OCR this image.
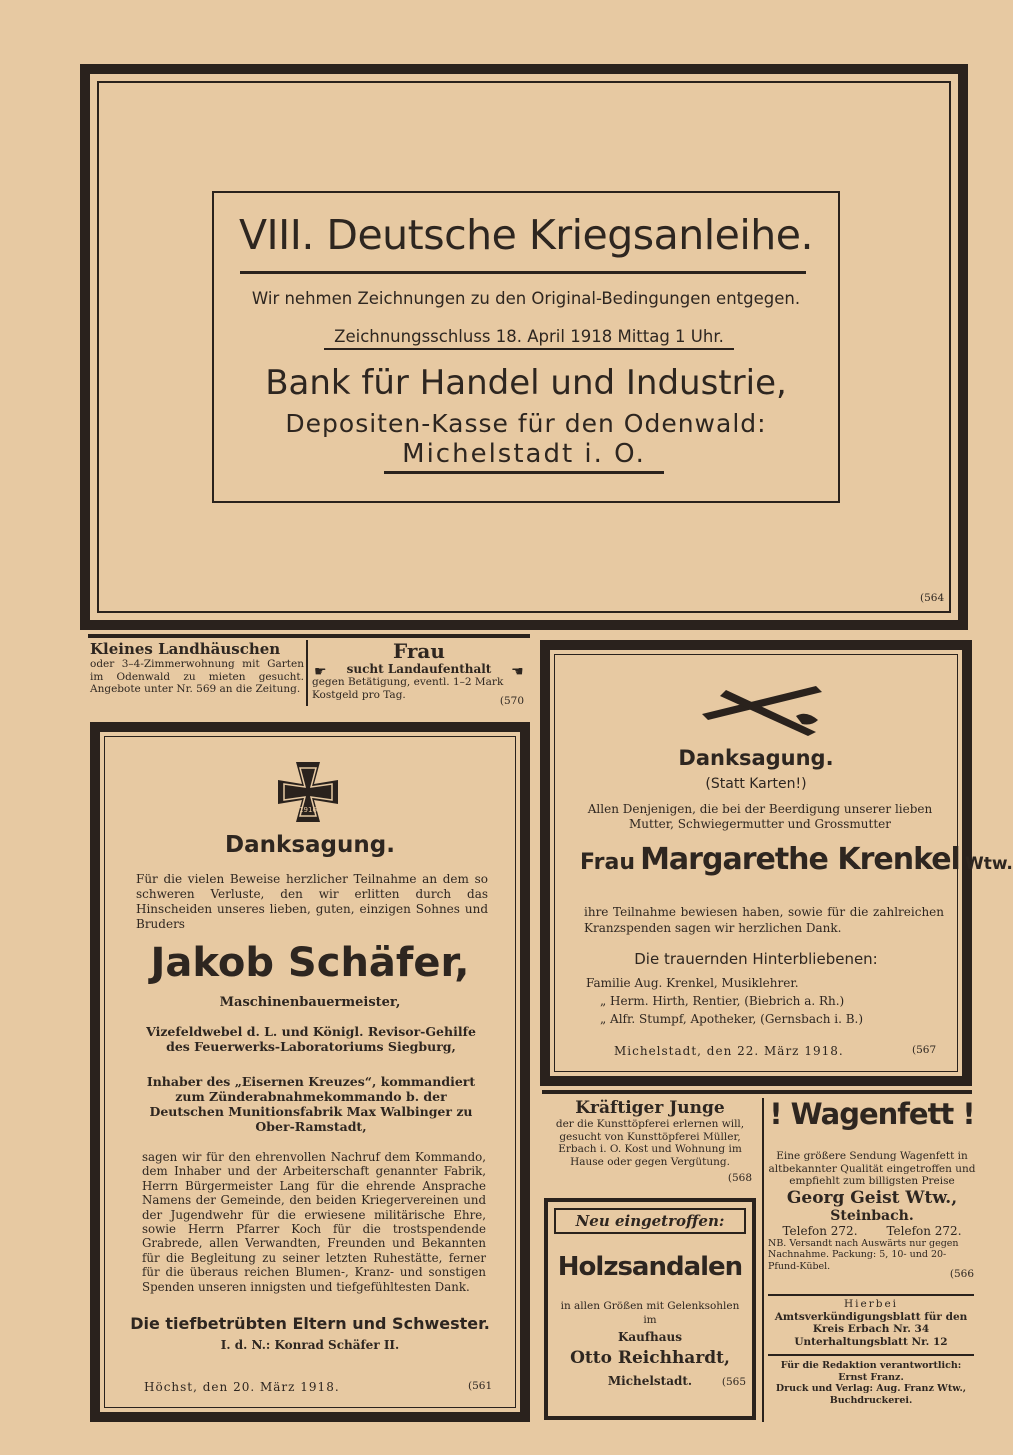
VIII. Deutsche Kriegsanleihe.
Wir nehmen Zeichnungen zu den Original-Bedingungen entgegen.
Zeichnungsschluss 18. April 1918 Mittag 1 Uhr.
Bank für Handel und Industrie,
Depositen-Kasse für den Odenwald:
Michelstadt i. O.
(564
Kleines Landhäuschen
oder 3–4-Zimmerwohnung mit Garten im Odenwald zu mieten gesucht. Angebote unter Nr. 569 an die Zeitung.
Frau
☛	sucht Landaufenthalt	☛
gegen Betätigung, eventl. 1–2 Mark Kostgeld pro Tag.
(570
1916
Danksagung.
Für die vielen Beweise herzlicher Teilnahme an dem so schweren Verluste, den wir erlitten durch das Hinscheiden unseres lieben, guten, einzigen Sohnes und Bruders
Jakob Schäfer,
Maschinenbauermeister,
Vizefeldwebel d. L. und Königl. Revisor-Gehilfe des Feuerwerks-Laboratoriums Siegburg,
Inhaber des „Eisernen Kreuzes“, kommandiert zum Zünderabnahmekommando b. der Deutschen Munitionsfabrik Max Walbinger zu Ober-Ramstadt,
sagen wir für den ehrenvollen Nachruf dem Kommando, dem Inhaber und der Arbeiterschaft genannter Fabrik, Herrn Bürgermeister Lang für die ehrende Ansprache Namens der Gemeinde, den beiden Kriegervereinen und der Jugendwehr für die erwiesene militärische Ehre, sowie Herrn Pfarrer Koch für die trostspendende Grabrede, allen Verwandten, Freunden und Bekannten für die Begleitung zu seiner letzten Ruhestätte, ferner für die überaus reichen Blumen-, Kranz- und sonstigen Spenden unseren innigsten und tiefgefühltesten Dank.
Die tiefbetrübten Eltern und Schwester.
I. d. N.: Konrad Schäfer II.
Höchst, den 20. März 1918.	(561
Danksagung.
(Statt Karten!)
Allen Denjenigen, die bei der Beerdigung unserer lieben Mutter, Schwiegermutter und Grossmutter
Frau Margarethe Krenkel Wtw.
ihre Teilnahme bewiesen haben, sowie für die zahlreichen Kranzspenden sagen wir herzlichen Dank.
Die trauernden Hinterbliebenen:
Familie Aug. Krenkel, Musiklehrer.
„ Herm. Hirth, Rentier, (Biebrich a. Rh.)
„ Alfr. Stumpf, Apotheker, (Gernsbach i. B.)
Michelstadt, den 22. März 1918.	(567
Kräftiger Junge
der die Kunsttöpferei erlernen will, gesucht von Kunsttöpferei Müller, Erbach i. O. Kost und Wohnung im Hause oder gegen Vergütung.
(568
Neu eingetroffen:
Holzsandalen
in allen Größen mit Gelenksohlen
im
Kaufhaus
Otto Reichhardt,
Michelstadt.	(565
! Wagenfett !
Eine größere Sendung Wagenfett in altbekannter Qualität eingetroffen und empfiehlt zum billigsten Preise
Georg Geist Wtw.,
Steinbach.
Telefon 272. Telefon 272.
NB. Versandt nach Auswärts nur gegen Nachnahme. Packung: 5, 10- und 20-Pfund-Kübel.
(566
Hierbei
Amtsverkündigungsblatt für den Kreis Erbach Nr. 34
Unterhaltungsblatt Nr. 12
Für die Redaktion verantwortlich: Ernst Franz.
Druck und Verlag: Aug. Franz Wtw., Buchdruckerei.
